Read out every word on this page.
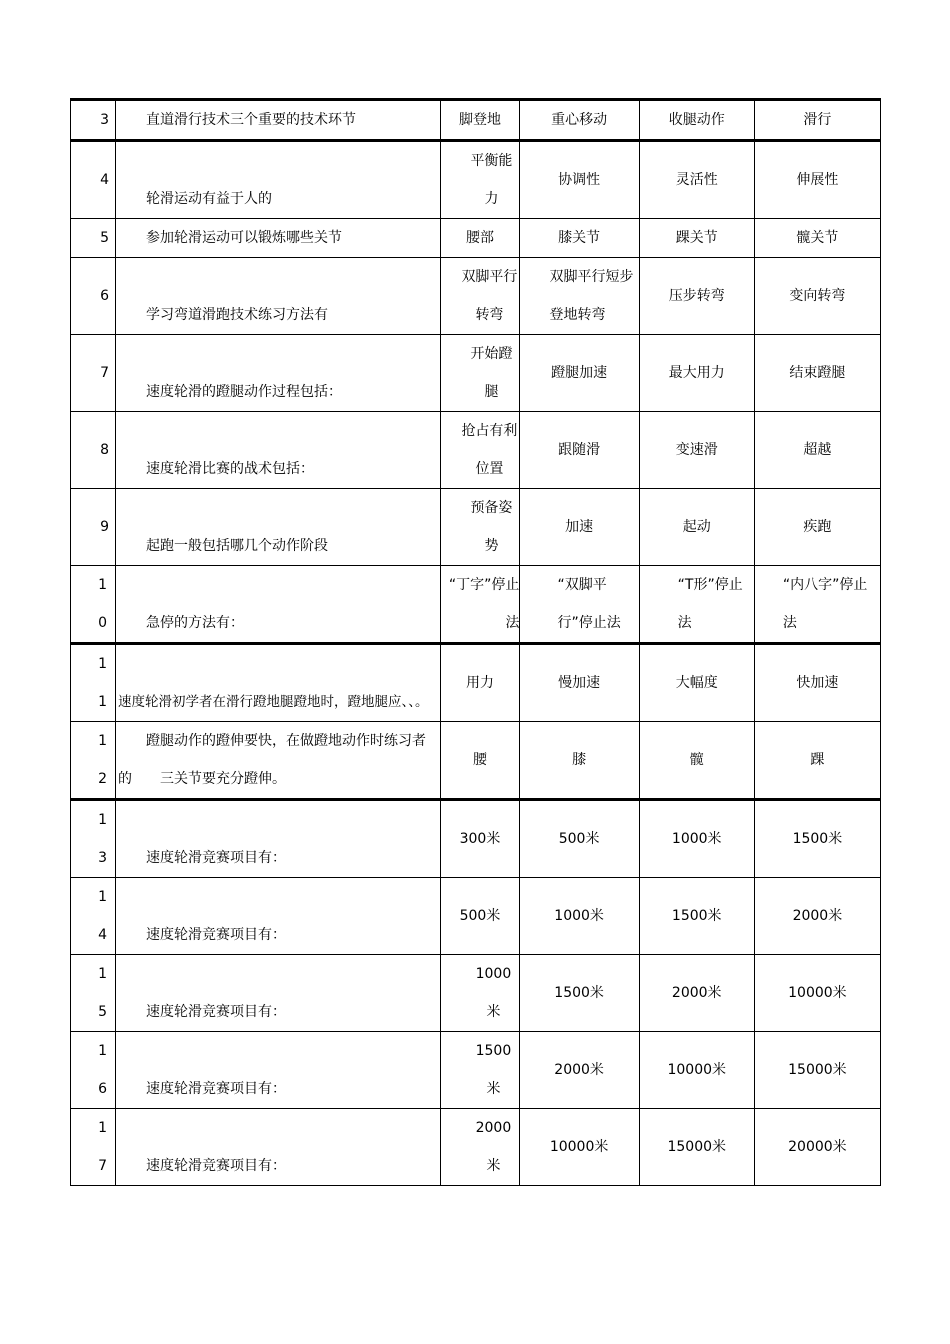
3	直道滑行技术三个重要的技术环节	脚登地	重心移动	收腿动作	滑行
4	轮滑运动有益于人的	平衡能力	协调性	灵活性	伸展性
5	参加轮滑运动可以锻炼哪些关节	腰部	膝关节	踝关节	髋关节
6	学习弯道滑跑技术练习方法有	双脚平行转弯	双脚平行短步登地转弯	压步转弯	变向转弯
7	速度轮滑的蹬腿动作过程包括：	开始蹬腿	蹬腿加速	最大用力	结束蹬腿
8	速度轮滑比赛的战术包括：	抢占有利位置	跟随滑	变速滑	超越
9	起跑一般包括哪几个动作阶段	预备姿势	加速	起动	疾跑

10	急停的方法有：	“丁字”停止法	“双脚平行”停止法	“T形”停止法	“内八字”停止法

11	速度轮滑初学者在滑行蹬地腿蹬地时，蹬地腿应、、。	用力	慢加速	大幅度	快加速

12	蹬腿动作的蹬伸要快，在做蹬地动作时练习者
的　　三关节要充分蹬伸。	腰	膝	髋	踝

13	速度轮滑竞赛项目有：	300米	500米	1000米	1500米

14	速度轮滑竞赛项目有：	500米	1000米	1500米	2000米

15	速度轮滑竞赛项目有：	1000米	1500米	2000米	10000米

16	速度轮滑竞赛项目有：	1500米	2000米	10000米	15000米

17	速度轮滑竞赛项目有：	2000米	10000米	15000米	20000米
